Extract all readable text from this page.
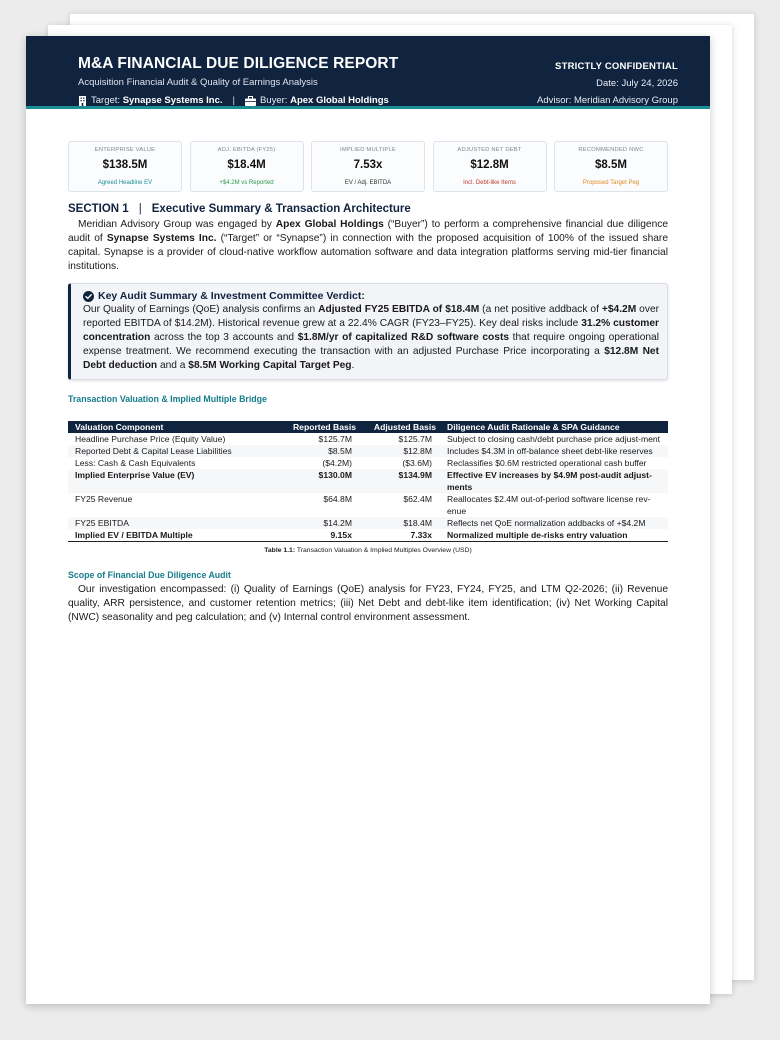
M&A FINANCIAL DUE DILIGENCE REPORT
Acquisition Financial Audit & Quality of Earnings Analysis
Target:
Synapse Systems Inc. |	Buyer:
Apex Global Holdings
STRICTLY CONFIDENTIAL
Date: July 24, 2026
Advisor: Meridian Advisory Group
ENTERPRISE VALUE
$138.5M
Agreed Headline EV
ADJ. EBITDA (FY25)
$18.4M
+$4.2M vs Reported
IMPLIED MULTIPLE
7.53x
EV / Adj. EBITDA
ADJUSTED NET DEBT
$12.8M
Incl. Debt-like Items
RECOMMENDED NWC
$8.5M
Proposed Target Peg
SECTION 1 | Executive Summary & Transaction Architecture

Meridian Advisory Group was engaged by Apex Global Holdings (“Buyer”) to perform a comprehensive financial due diligence audit of Synapse Systems Inc. (“Target” or “Synapse”) in connection with the proposed acquisition of 100% of the issued share capital. Synapse is a provider of cloud-native workflow automation software and data integration platforms serving mid-tier financial institutions.

Key Audit Summary & Investment Committee Verdict:
Our Quality of Earnings (QoE) analysis confirms an Adjusted FY25 EBITDA of $18.4M (a net positive addback of +$4.2M over reported EBITDA of $14.2M). Historical revenue grew at a 22.4% CAGR (FY23–FY25). Key deal risks include 31.2% customer concentration across the top 3 accounts and $1.8M/yr of capitalized R&D software costs that require ongoing operational expense treatment. We recommend executing the transaction with an adjusted Purchase Price incorporating a $12.8M Net Debt deduction and a $8.5M Working Capital Target Peg.
Transaction Valuation & Implied Multiple Bridge
Valuation Component	Reported Basis	Adjusted Basis	Diligence Audit Rationale & SPA Guidance
Headline Purchase Price (Equity Value)	$125.7M	$125.7M	Subject to closing cash/debt purchase price adjust-ment
Reported Debt & Capital Lease Liabilities	$8.5M	$12.8M	Includes $4.3M in off-balance sheet debt-like reserves
Less: Cash & Cash Equivalents	($4.2M)	($3.6M)	Reclassifies $0.6M restricted operational cash buffer
Implied Enterprise Value (EV)	$130.0M	$134.9M	Effective EV increases by $4.9M post-audit adjust-ments
FY25 Revenue	$64.8M	$62.4M	Reallocates $2.4M out-of-period software license rev-enue
FY25 EBITDA	$14.2M	$18.4M	Reflects net QoE normalization addbacks of +$4.2M
Implied EV / EBITDA Multiple	9.15x	7.33x	Normalized multiple de-risks entry valuation
Table 1.1: Transaction Valuation & Implied Multiples Overview (USD)
Scope of Financial Due Diligence Audit

Our investigation encompassed: (i) Quality of Earnings (QoE) analysis for FY23, FY24, FY25, and LTM Q2-2026; (ii) Revenue quality, ARR persistence, and customer retention metrics; (iii) Net Debt and debt-like item identification; (iv) Net Working Capital (NWC) seasonality and peg calculation; and (v) Internal control environment assessment.
